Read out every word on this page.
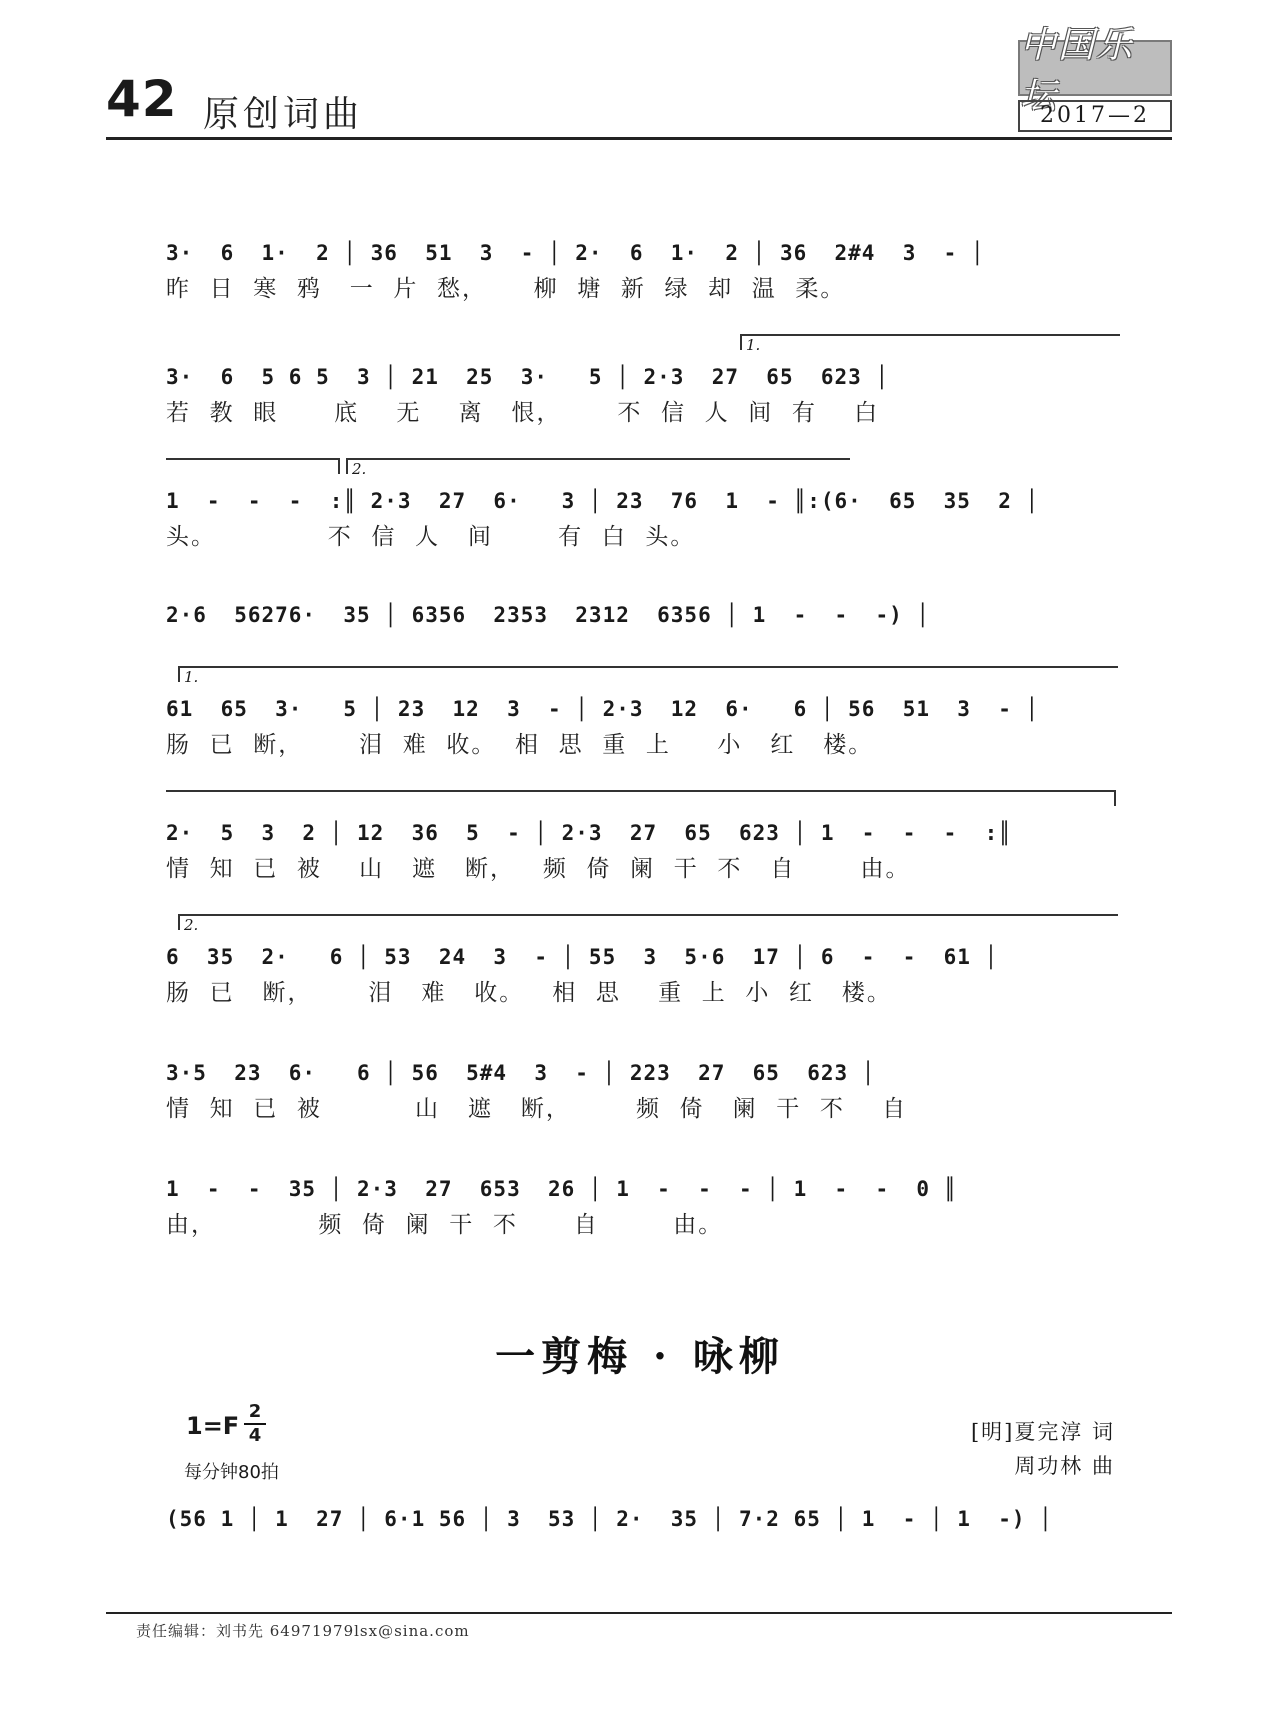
42 原创词曲
中国乐坛
2017—2
3·  6  1·  2 │ 36  51  3  - │ 2·  6  1·  2 │ 36  2#4  3  - │
昨  日  寒  鸦   一  片  愁，     柳  塘  新  绿  却  温  柔。
1.
3·  6  5 6 5  3 │ 21  25  3·   5 │ 2·3  27  65  623 │
若  教  眼      底    无    离   恨，      不  信  人  间  有    白
2.
1  -  -  -  :║ 2·3  27  6·   3 │ 23  76  1  - ║:(6·  65  35  2 │
头。            不  信  人   间       有  白  头。
2·6  56276·  35 │ 6356  2353  2312  6356 │ 1  -  -  -) │
1.
61  65  3·   5 │ 23  12  3  - │ 2·3  12  6·   6 │ 56  51  3  - │
肠  已  断，      泪  难  收。  相  思  重  上     小   红   楼。
2·  5  3  2 │ 12  36  5  - │ 2·3  27  65  623 │ 1  -  -  -  :║
情  知  已  被    山   遮   断，   频  倚  阑  干  不   自       由。
2.
6  35  2·   6 │ 53  24  3  - │ 55  3  5·6  17 │ 6  -  -  61 │
肠  已   断，      泪   难   收。   相  思    重  上  小  红   楼。
3·5  23  6·   6 │ 56  5#4  3  - │ 223  27  65  623 │
情  知  已  被          山   遮   断，       频  倚   阑  干  不    自
1  -  -  35 │ 2·3  27  653  26 │ 1  -  -  - │ 1  -  -  0 ║
由，           频  倚  阑  干  不      自        由。
一剪梅 · 咏柳
1=F
2
4
每分钟80拍
[明]夏完淳 词
周功林 曲
(56 1 │ 1  27 │ 6·1 56 │ 3  53 │ 2·  35 │ 7·2 65 │ 1  - │ 1  -) │
责任编辑：刘书先 64971979lsx@sina.com
